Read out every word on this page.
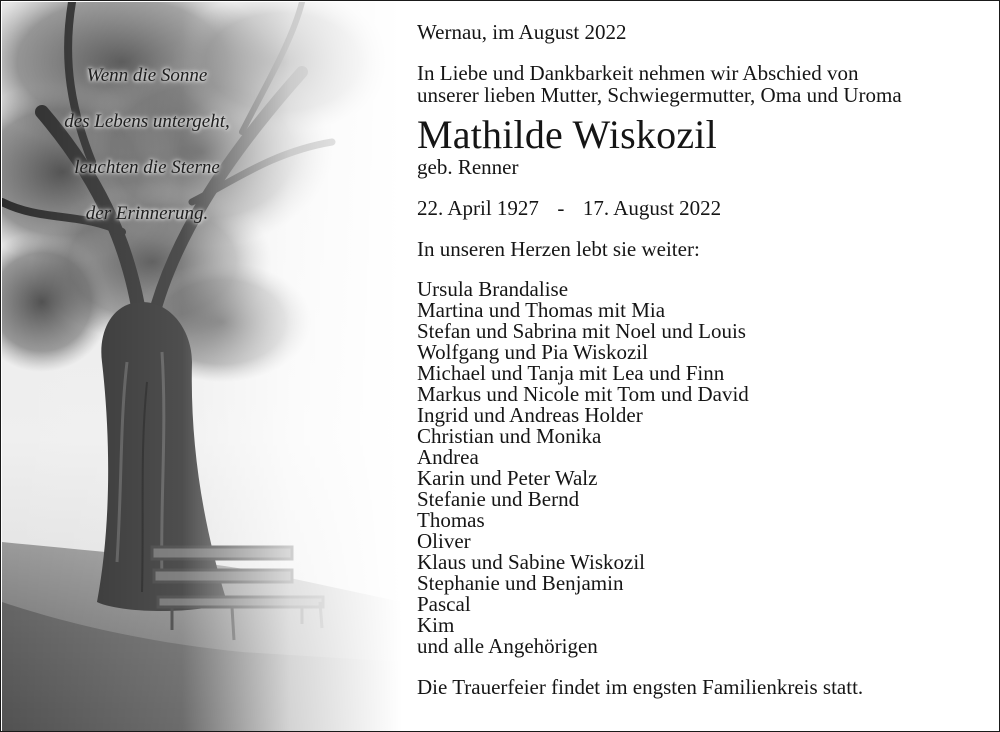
Wenn die Sonne
des Lebens untergeht,
leuchten die Sterne
der Erinnerung.
Wernau, im August 2022
In Liebe und Dankbarkeit nehmen wir Abschied von
unserer lieben Mutter, Schwiegermutter, Oma und Uroma
Mathilde Wiskozil
geb. Renner
22. April 1927 - 17. August 2022
In unseren Herzen lebt sie weiter:
Ursula Brandalise
Martina und Thomas mit Mia
Stefan und Sabrina mit Noel und Louis
Wolfgang und Pia Wiskozil
Michael und Tanja mit Lea und Finn
Markus und Nicole mit Tom und David
Ingrid und Andreas Holder
Christian und Monika
Andrea
Karin und Peter Walz
Stefanie und Bernd
Thomas
Oliver
Klaus und Sabine Wiskozil
Stephanie und Benjamin
Pascal
Kim
und alle Angehörigen
Die Trauerfeier findet im engsten Familienkreis statt.
